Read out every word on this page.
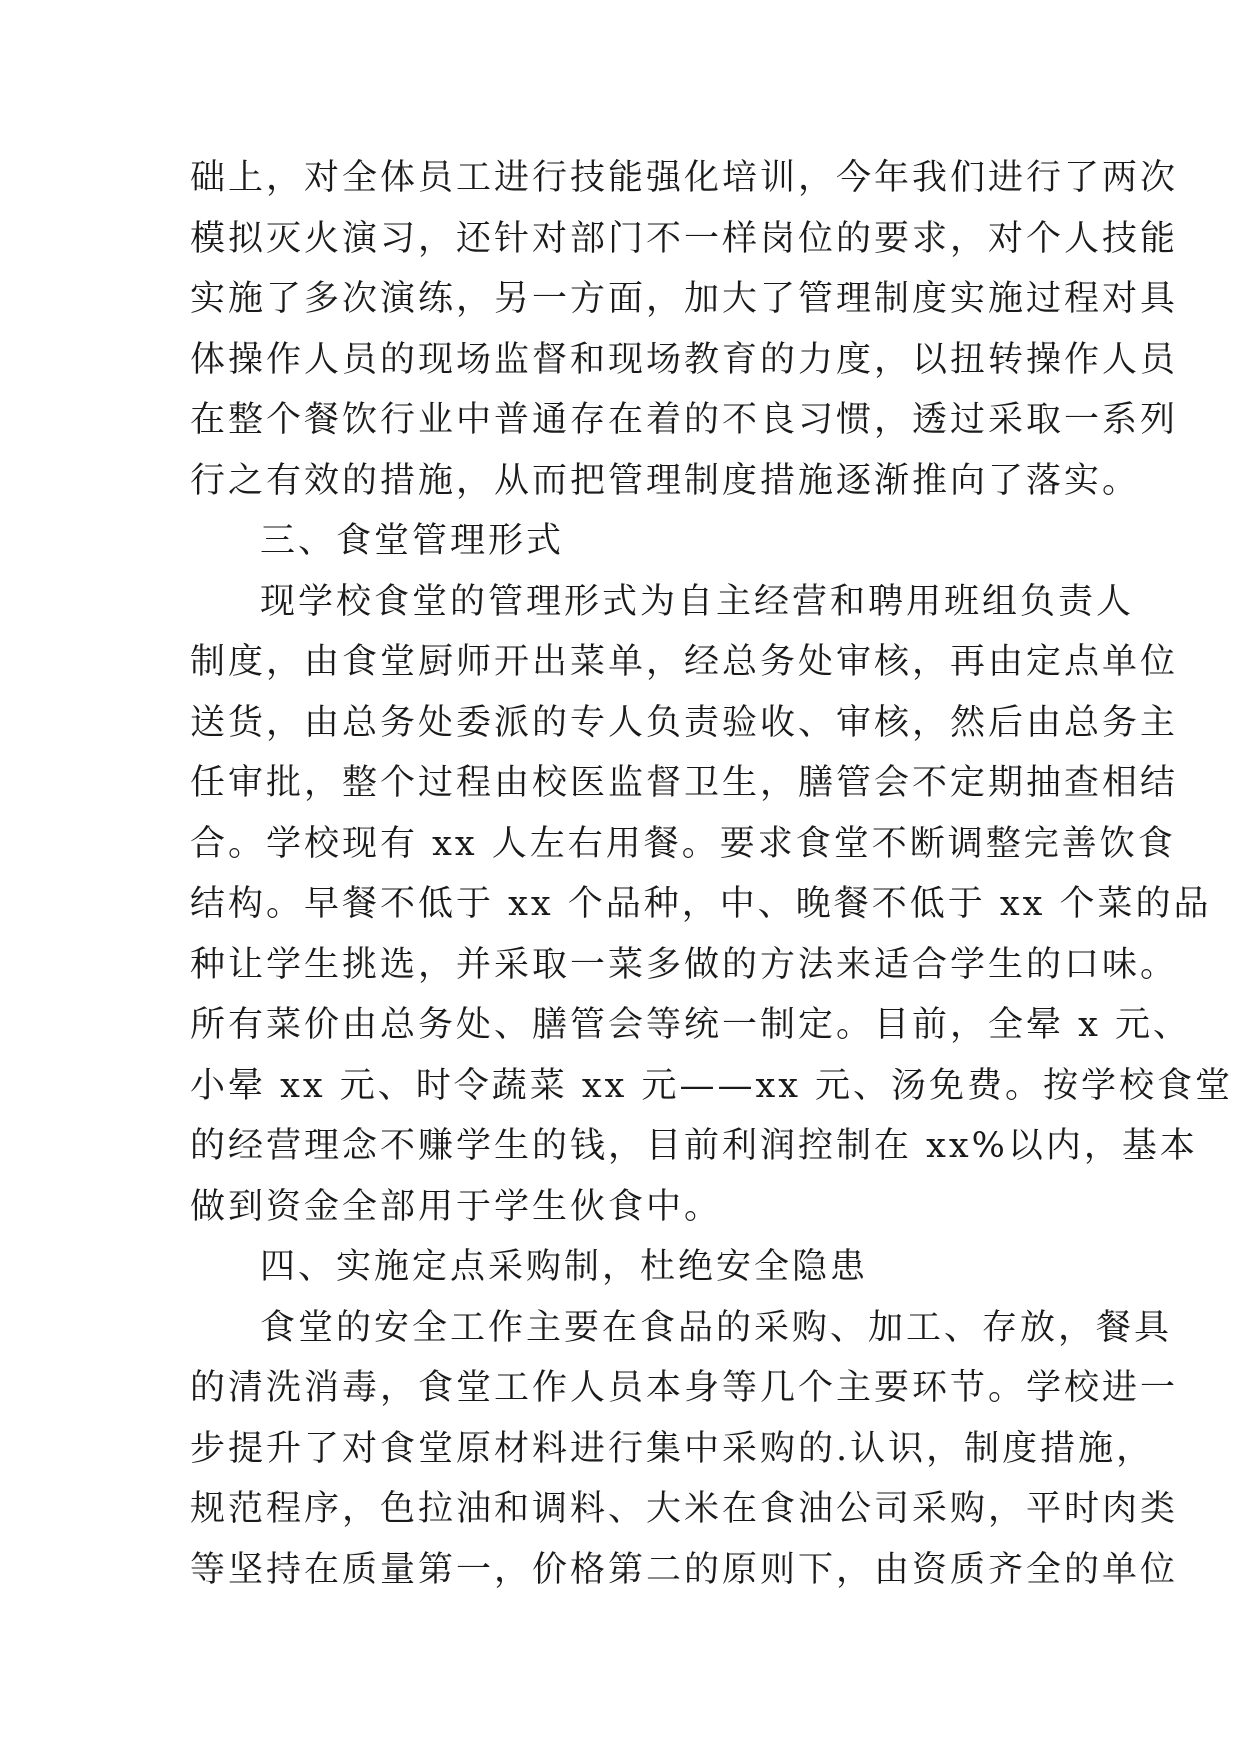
础上，对全体员工进行技能强化培训，今年我们进行了两次
模拟灭火演习，还针对部门不一样岗位的要求，对个人技能
实施了多次演练，另一方面，加大了管理制度实施过程对具
体操作人员的现场监督和现场教育的力度，以扭转操作人员
在整个餐饮行业中普通存在着的不良习惯，透过采取一系列
行之有效的措施，从而把管理制度措施逐渐推向了落实。
三、食堂管理形式
现学校食堂的管理形式为自主经营和聘用班组负责人
制度，由食堂厨师开出菜单，经总务处审核，再由定点单位
送货，由总务处委派的专人负责验收、审核，然后由总务主
任审批，整个过程由校医监督卫生，膳管会不定期抽查相结
合。学校现有 xx 人左右用餐。要求食堂不断调整完善饮食
结构。早餐不低于 xx 个品种，中、晚餐不低于 xx 个菜的品
种让学生挑选，并采取一菜多做的方法来适合学生的口味。
所有菜价由总务处、膳管会等统一制定。目前，全晕 x 元、
小晕 xx 元、时令蔬菜 xx 元——xx 元、汤免费。按学校食堂
的经营理念不赚学生的钱，目前利润控制在 xx%以内，基本
做到资金全部用于学生伙食中。
四、实施定点采购制，杜绝安全隐患
食堂的安全工作主要在食品的采购、加工、存放，餐具
的清洗消毒，食堂工作人员本身等几个主要环节。学校进一
步提升了对食堂原材料进行集中采购的.认识，制度措施，
规范程序，色拉油和调料、大米在食油公司采购，平时肉类
等坚持在质量第一，价格第二的原则下，由资质齐全的单位
